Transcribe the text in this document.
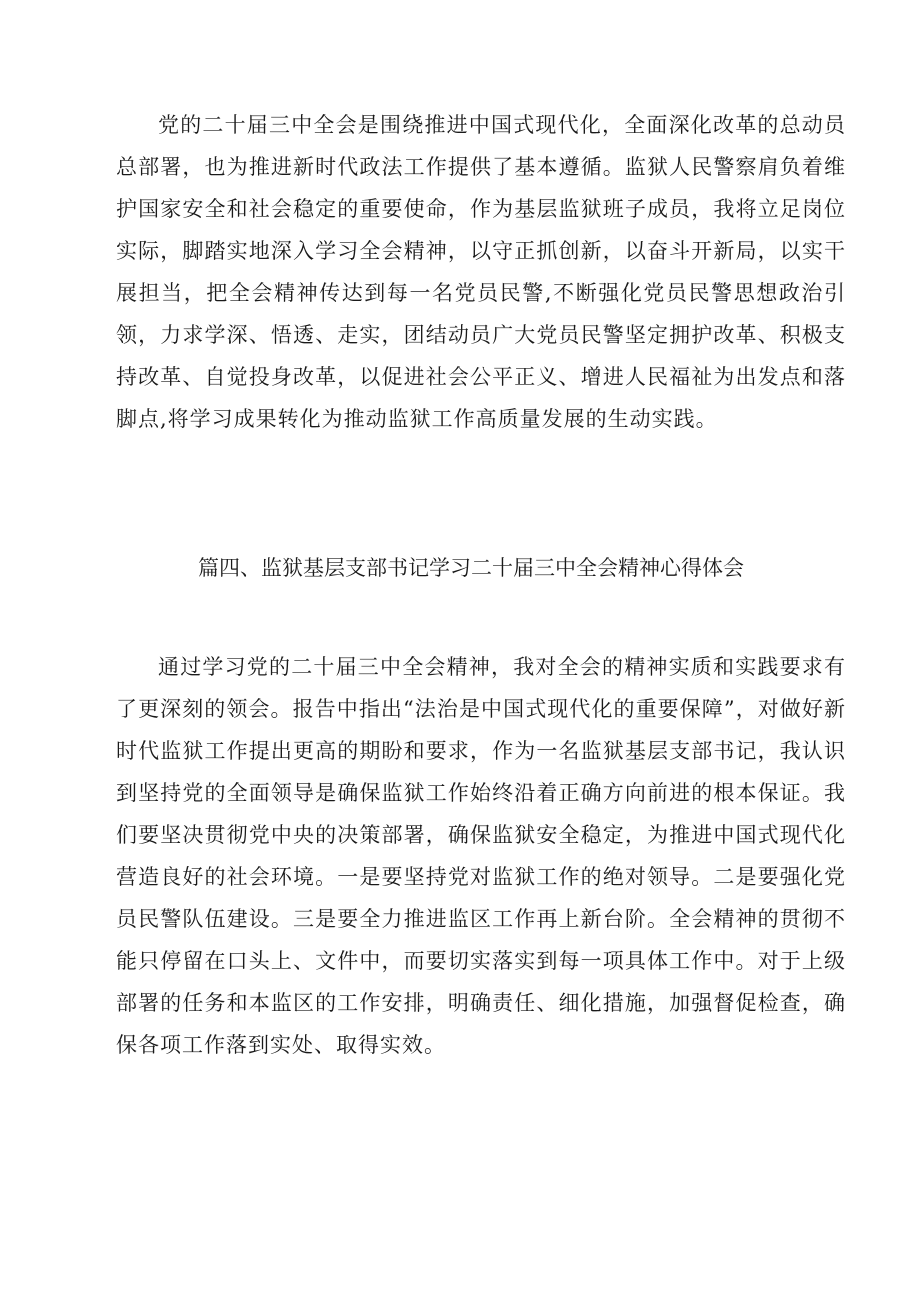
党的二十届三中全会是围绕推进中国式现代化，全面深化改革的总动员总部署，也为推进新时代政法工作提供了基本遵循。监狱人民警察肩负着维护国家安全和社会稳定的重要使命，作为基层监狱班子成员，我将立足岗位实际，脚踏实地深入学习全会精神，以守正抓创新，以奋斗开新局，以实干展担当，把全会精神传达到每一名党员民警,不断强化党员民警思想政治引领，力求学深、悟透、走实，团结动员广大党员民警坚定拥护改革、积极支持改革、自觉投身改革，以促进社会公平正义、增进人民福祉为出发点和落脚点,将学习成果转化为推动监狱工作高质量发展的生动实践。

篇四、监狱基层支部书记学习二十届三中全会精神心得体会

通过学习党的二十届三中全会精神，我对全会的精神实质和实践要求有了更深刻的领会。报告中指出“法治是中国式现代化的重要保障”，对做好新时代监狱工作提出更高的期盼和要求，作为一名监狱基层支部书记，我认识到坚持党的全面领导是确保监狱工作始终沿着正确方向前进的根本保证。我们要坚决贯彻党中央的决策部署，确保监狱安全稳定，为推进中国式现代化营造良好的社会环境。一是要坚持党对监狱工作的绝对领导。二是要强化党员民警队伍建设。三是要全力推进监区工作再上新台阶。全会精神的贯彻不能只停留在口头上、文件中，而要切实落实到每一项具体工作中。对于上级部署的任务和本监区的工作安排，明确责任、细化措施，加强督促检查，确保各项工作落到实处、取得实效。
